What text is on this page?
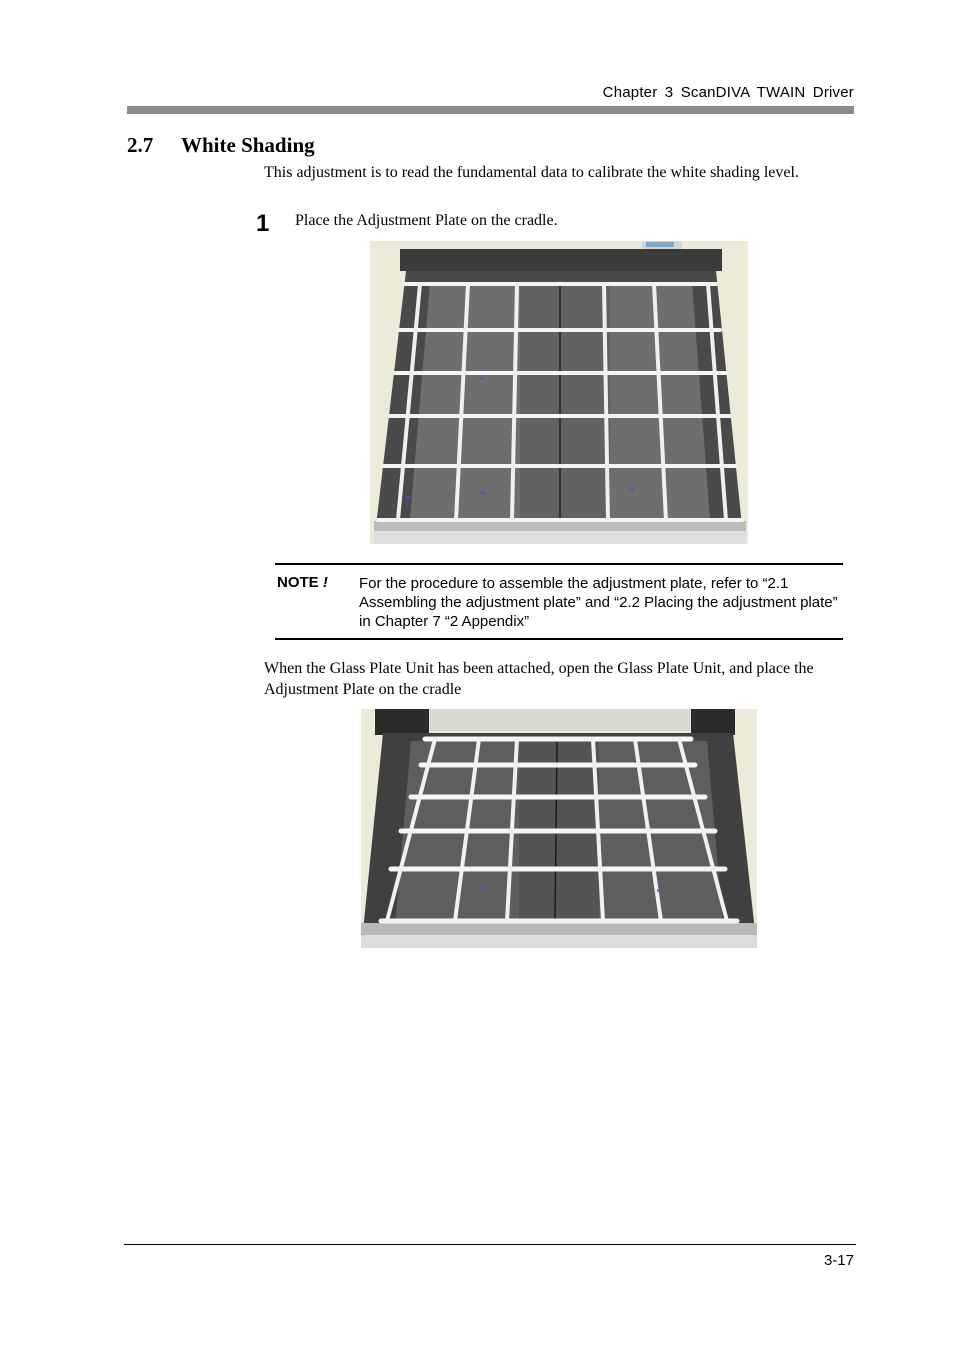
Chapter 3 ScanDIVA TWAIN Driver
2.7 White Shading
This adjustment is to read the fundamental data to calibrate the white shading level.
1 Place the Adjustment Plate on the cradle.
NOTE ! For the procedure to assemble the adjustment plate, refer to “2.1 Assembling the adjustment plate” and “2.2 Placing the adjustment plate” in Chapter 7 “2 Appendix”
When the Glass Plate Unit has been attached, open the Glass Plate Unit, and place the Adjustment Plate on the cradle
3-17
